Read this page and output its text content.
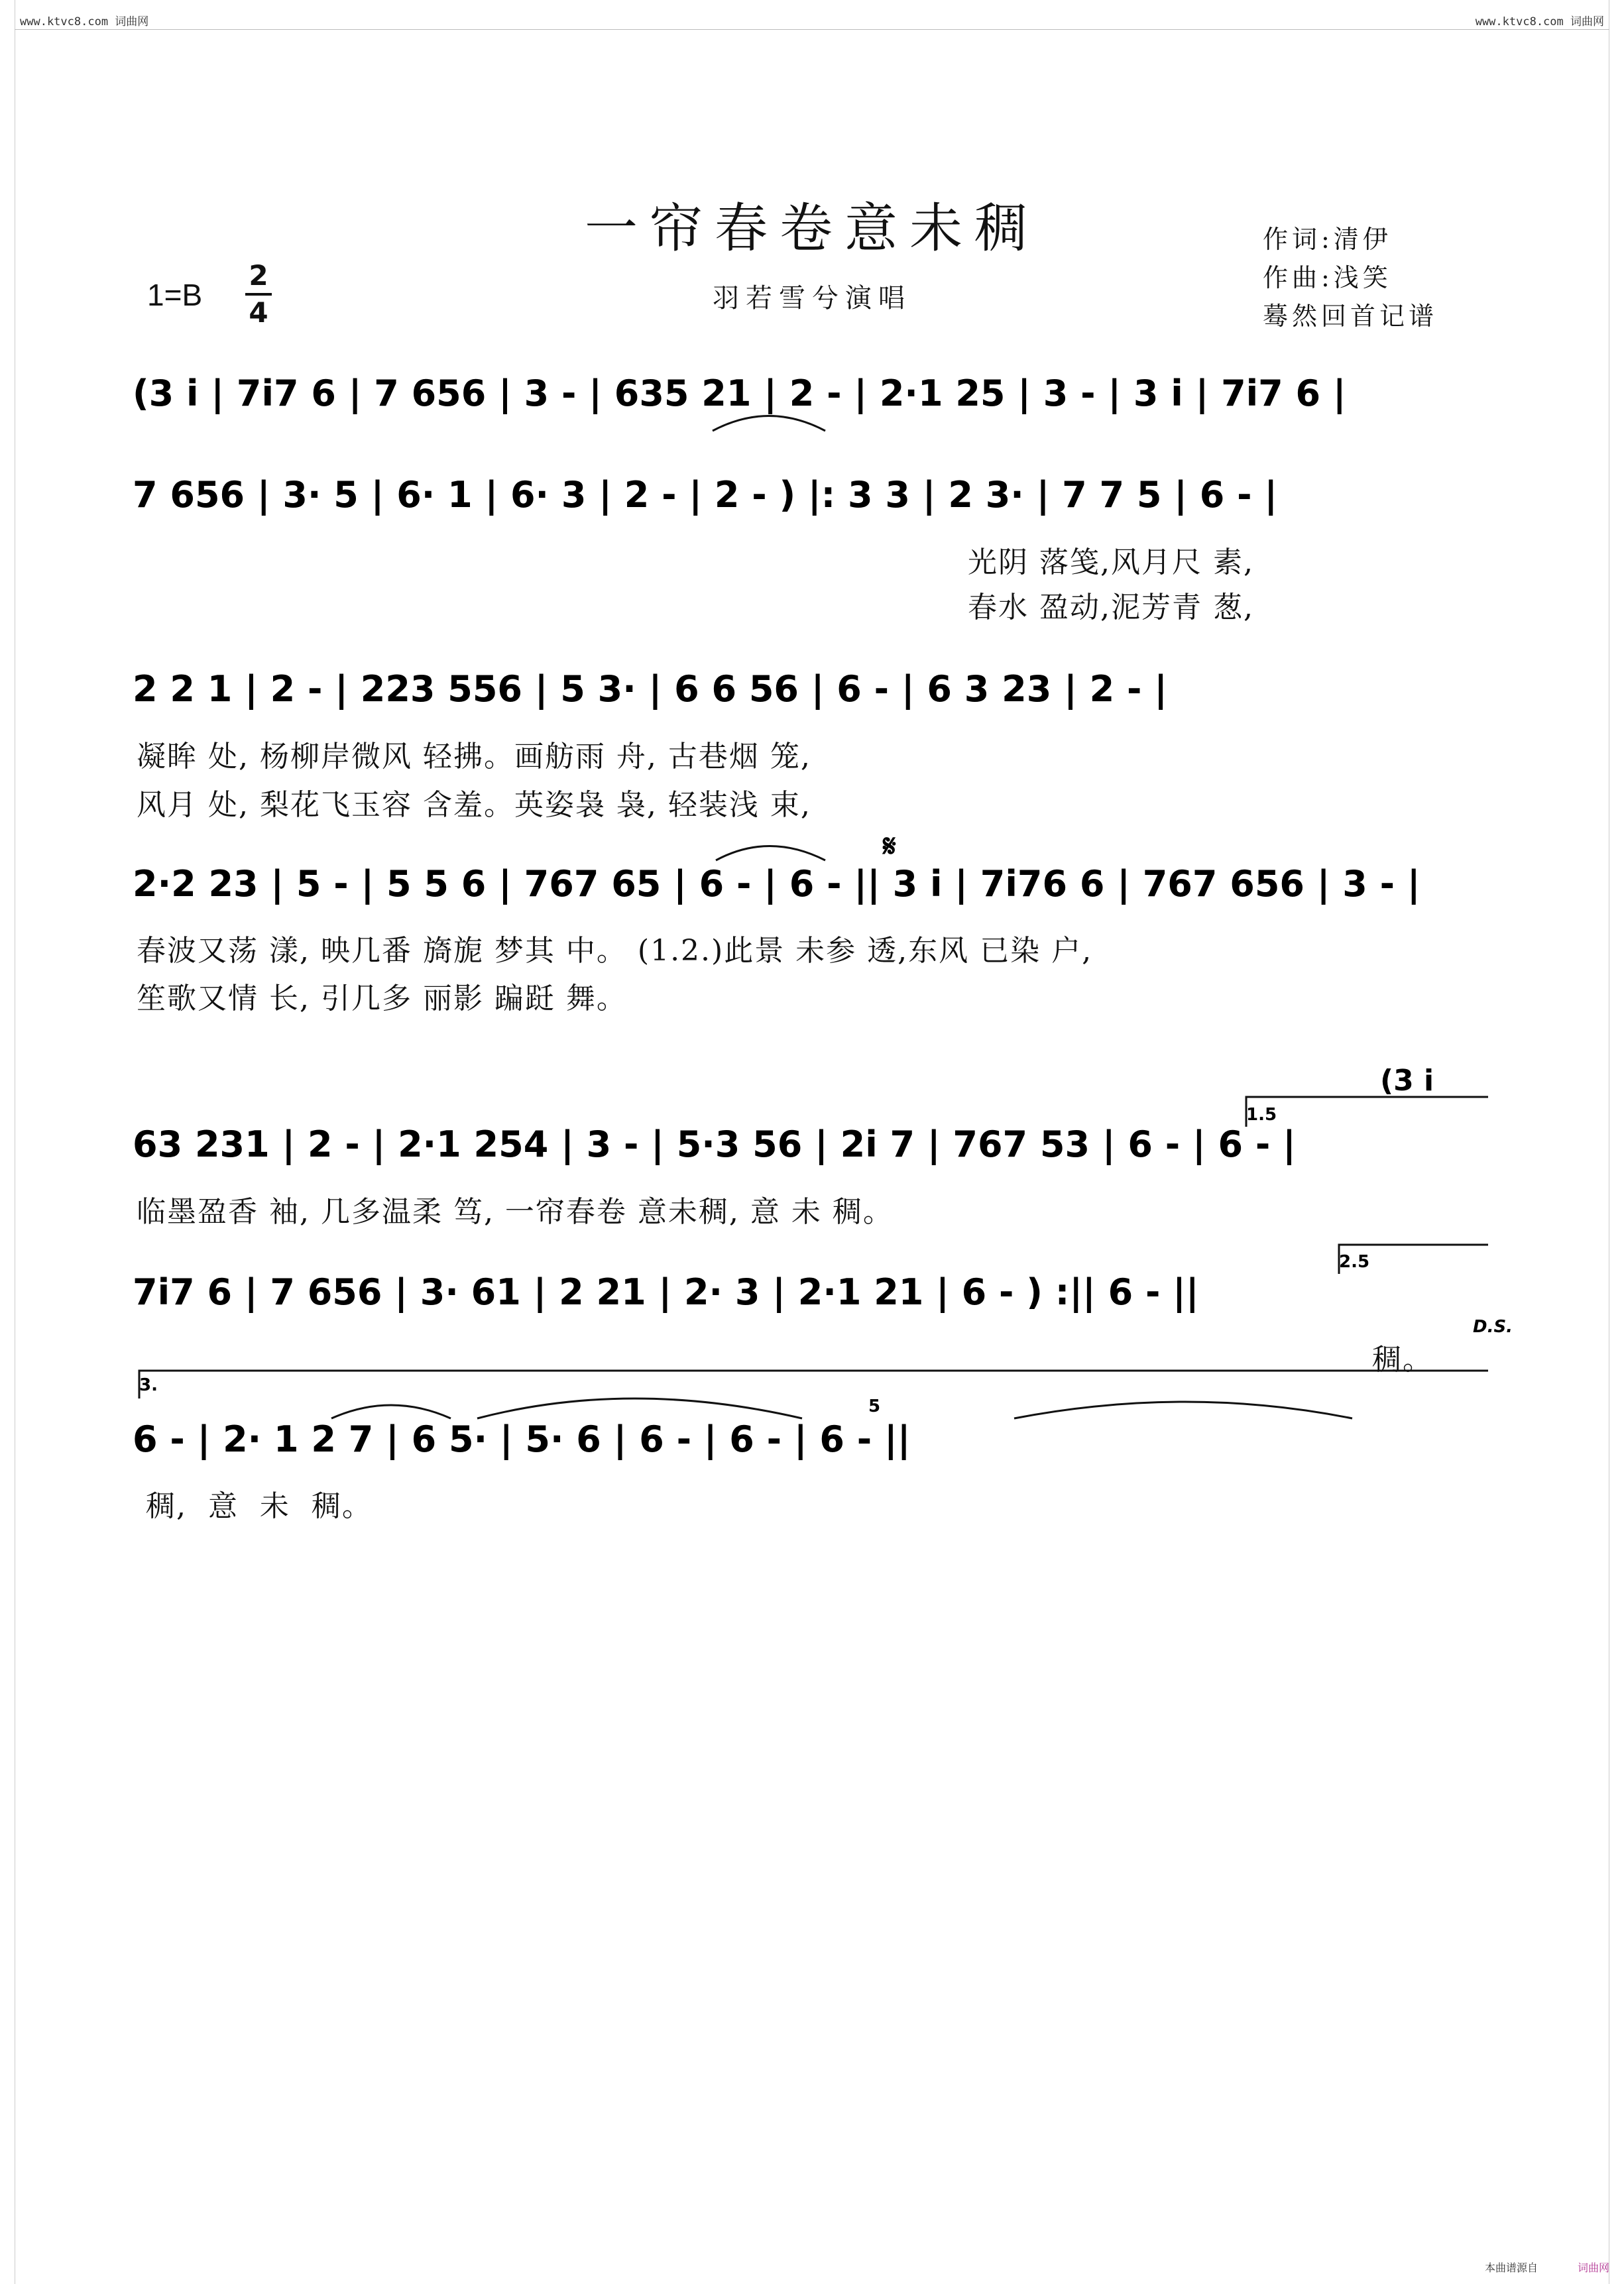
www.ktvc8.com 词曲网	www.ktvc8.com 词曲网
一帘春卷意未稠
羽若雪兮演唱
作词:清伊
作曲:浅笑
蓦然回首记谱
1=B
2
4
(3 i | 7i7 6 | 7 656 | 3 - | 635 21 | 2 - | 2·1 25 | 3 - | 3 i | 7i7 6 |
7 656 | 3· 5 | 6· 1 | 6· 3 | 2 - | 2 - ) |: 3 3 | 2 3· | 7 7 5 | 6 - |
2 2 1 | 2 - | 223 556 | 5 3· | 6 6 56 | 6 - | 6 3 23 | 2 - |
2·2 23 | 5 - | 5 5 6 | 767 65 | 6 - | 6 - || 3 i | 7i76 6 | 767 656 | 3 - |
63 231 | 2 - | 2·1 254 | 3 - | 5·3 56 | 2i 7 | 767 53 | 6 - | 6 - |
7i7 6 | 7 656 | 3· 61 | 2 21 | 2· 3 | 2·1 21 | 6 - ) :|| 6 - ||
6 - | 2· 1 2 7 | 6 5· | 5· 6 | 6 - | 6 - | 6 - ||
(3 i
1.5
2.5
3.
5
D.S.
𝄋
光阴 落笺,风月尺 素,
春水 盈动,泥芳青 葱,
凝眸 处, 杨柳岸微风 轻拂。画舫雨 舟, 古巷烟 笼,
风月 处, 梨花飞玉容 含羞。英姿袅 袅, 轻装浅 束,
春波又荡 漾, 映几番 旖旎 梦其 中。 (1.2.)此景 未参 透,东风 已染 户,
笙歌又情 长, 引几多 丽影 蹁跹 舞。
临墨盈香 袖, 几多温柔 笃, 一帘春卷 意未稠, 意 未 稠。
稠。
稠,  意  未  稠。
本曲谱源自	词曲网
